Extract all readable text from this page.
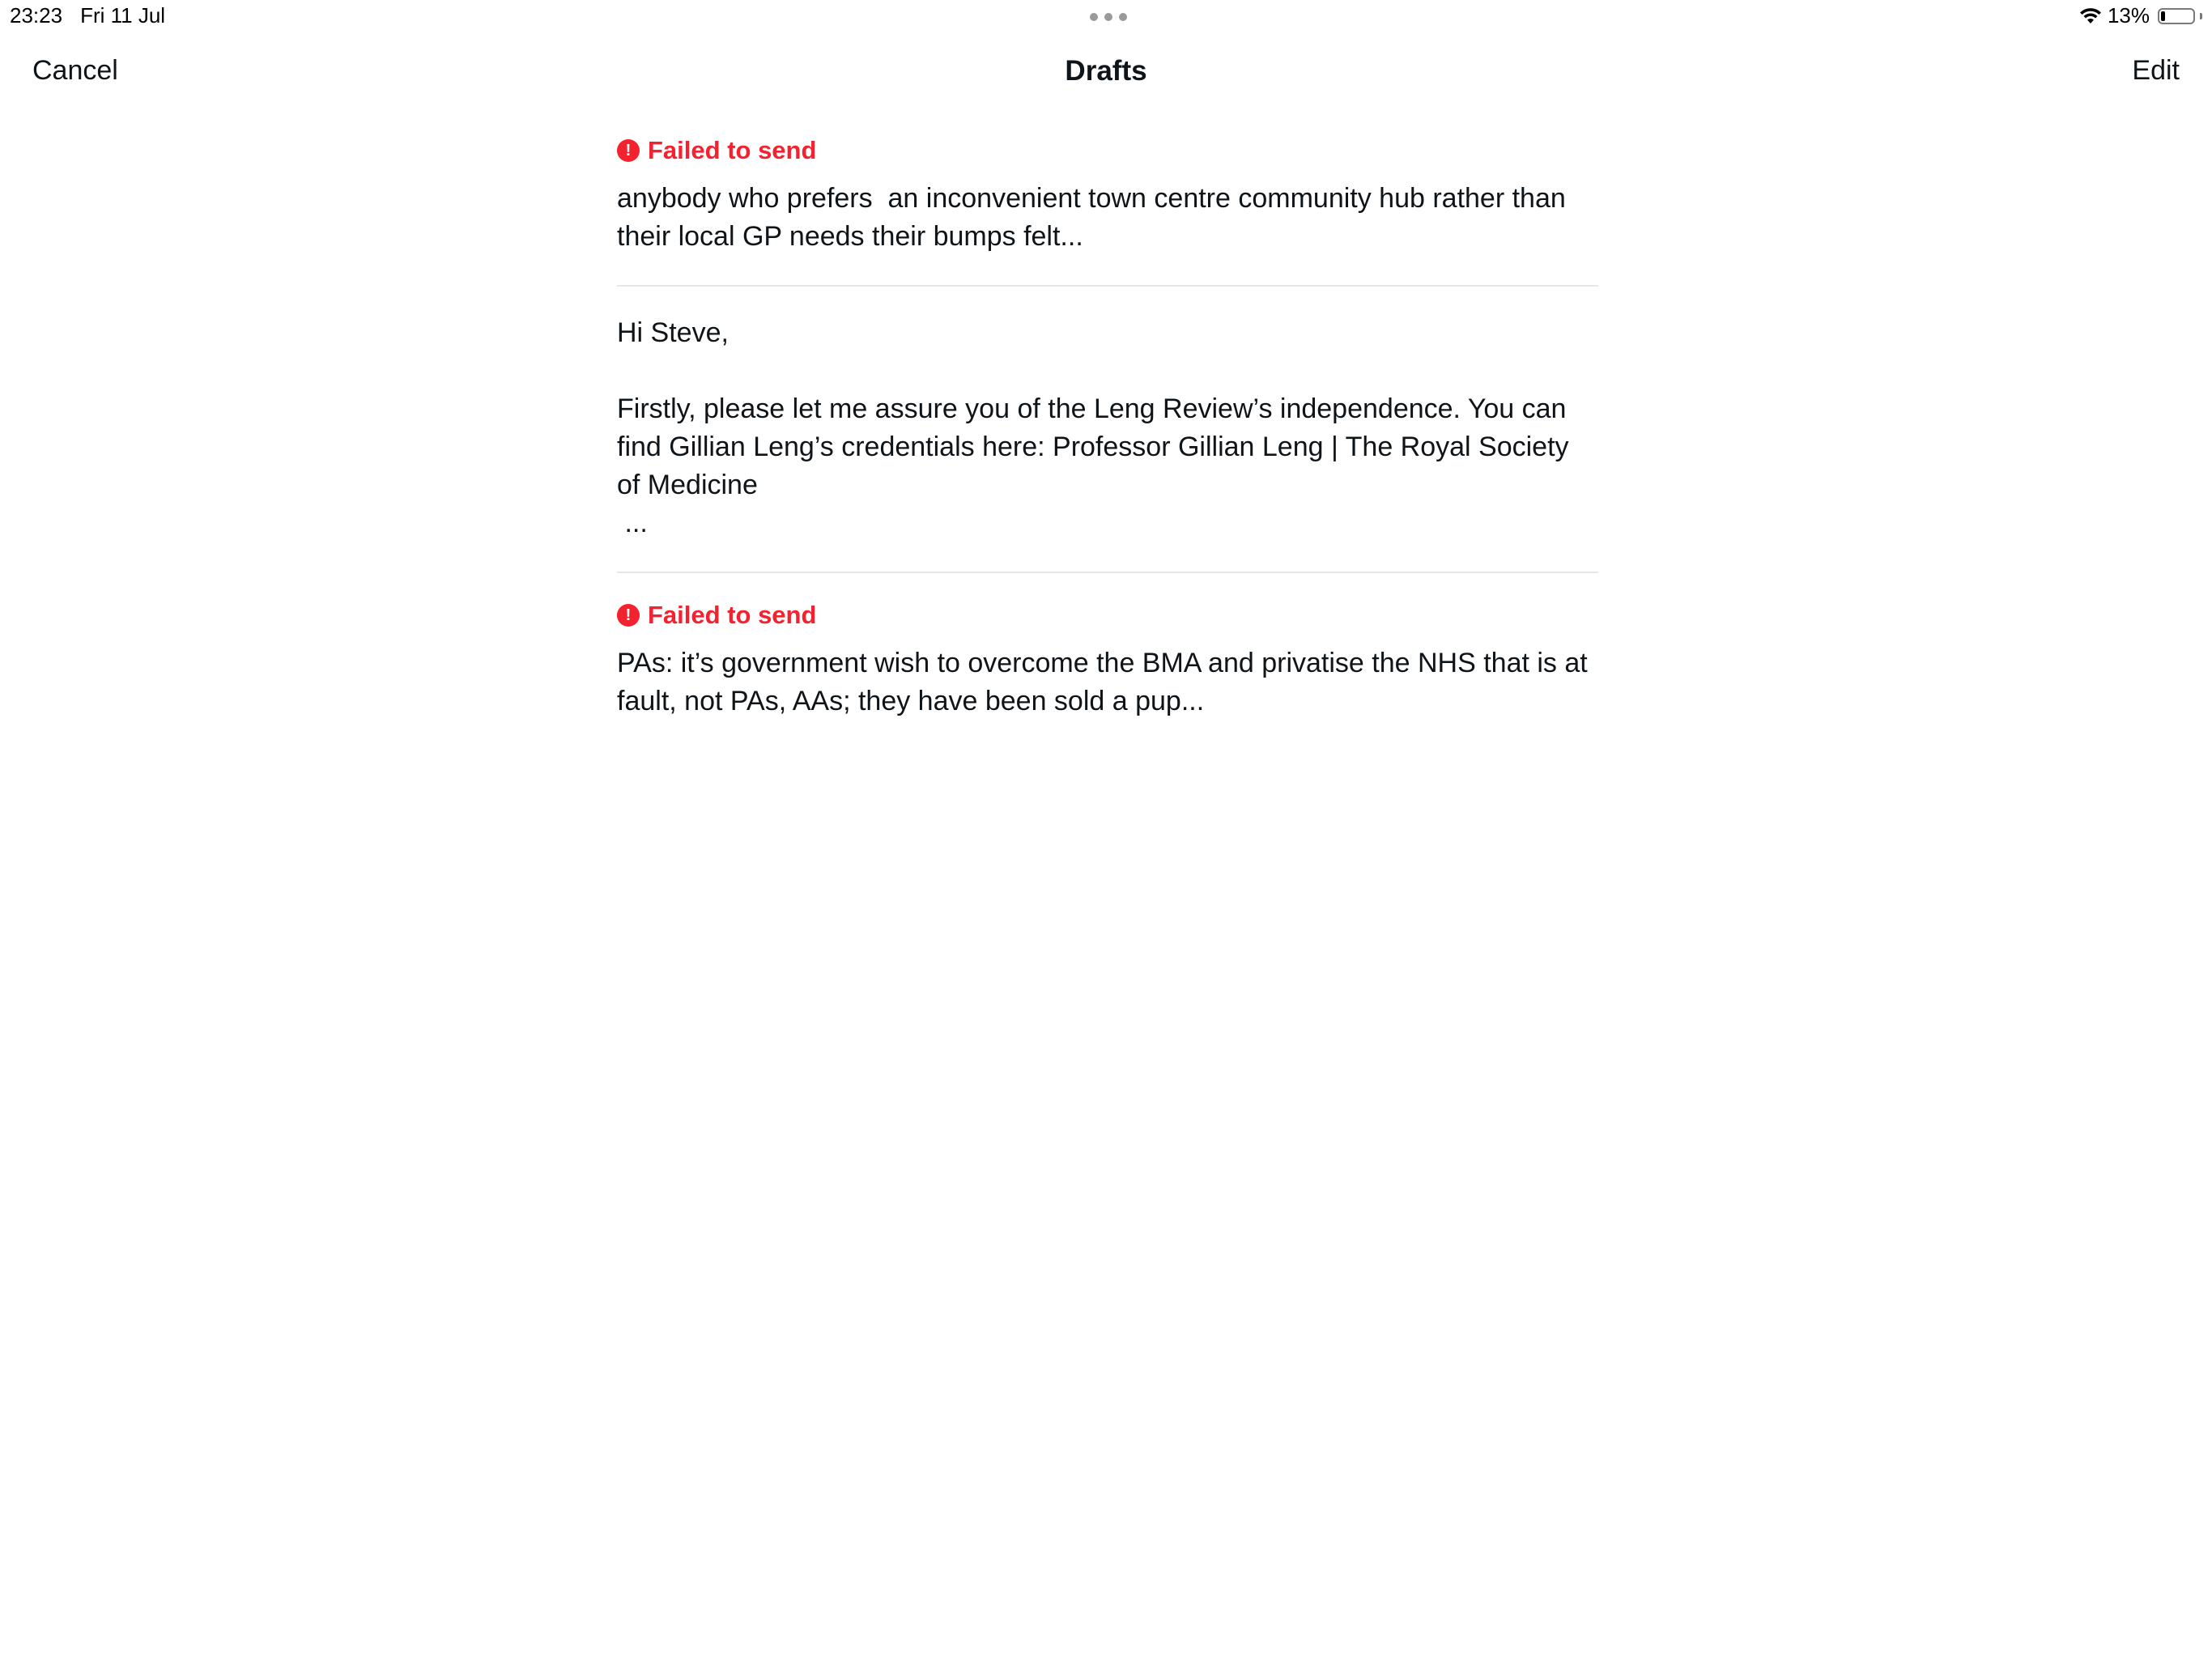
23:23 Fri 11 Jul	13%
Cancel	Drafts	Edit
! Failed to send
anybody who prefers  an inconvenient town centre community hub rather than their local GP needs their bumps felt...
Hi Steve,

Firstly, please let me assure you of the Leng Review’s independence. You can find Gillian Leng’s credentials here: Professor Gillian Leng | The Royal Society of Medicine
...
! Failed to send
PAs: it’s government wish to overcome the BMA and privatise the NHS that is at fault, not PAs, AAs; they have been sold a pup...
